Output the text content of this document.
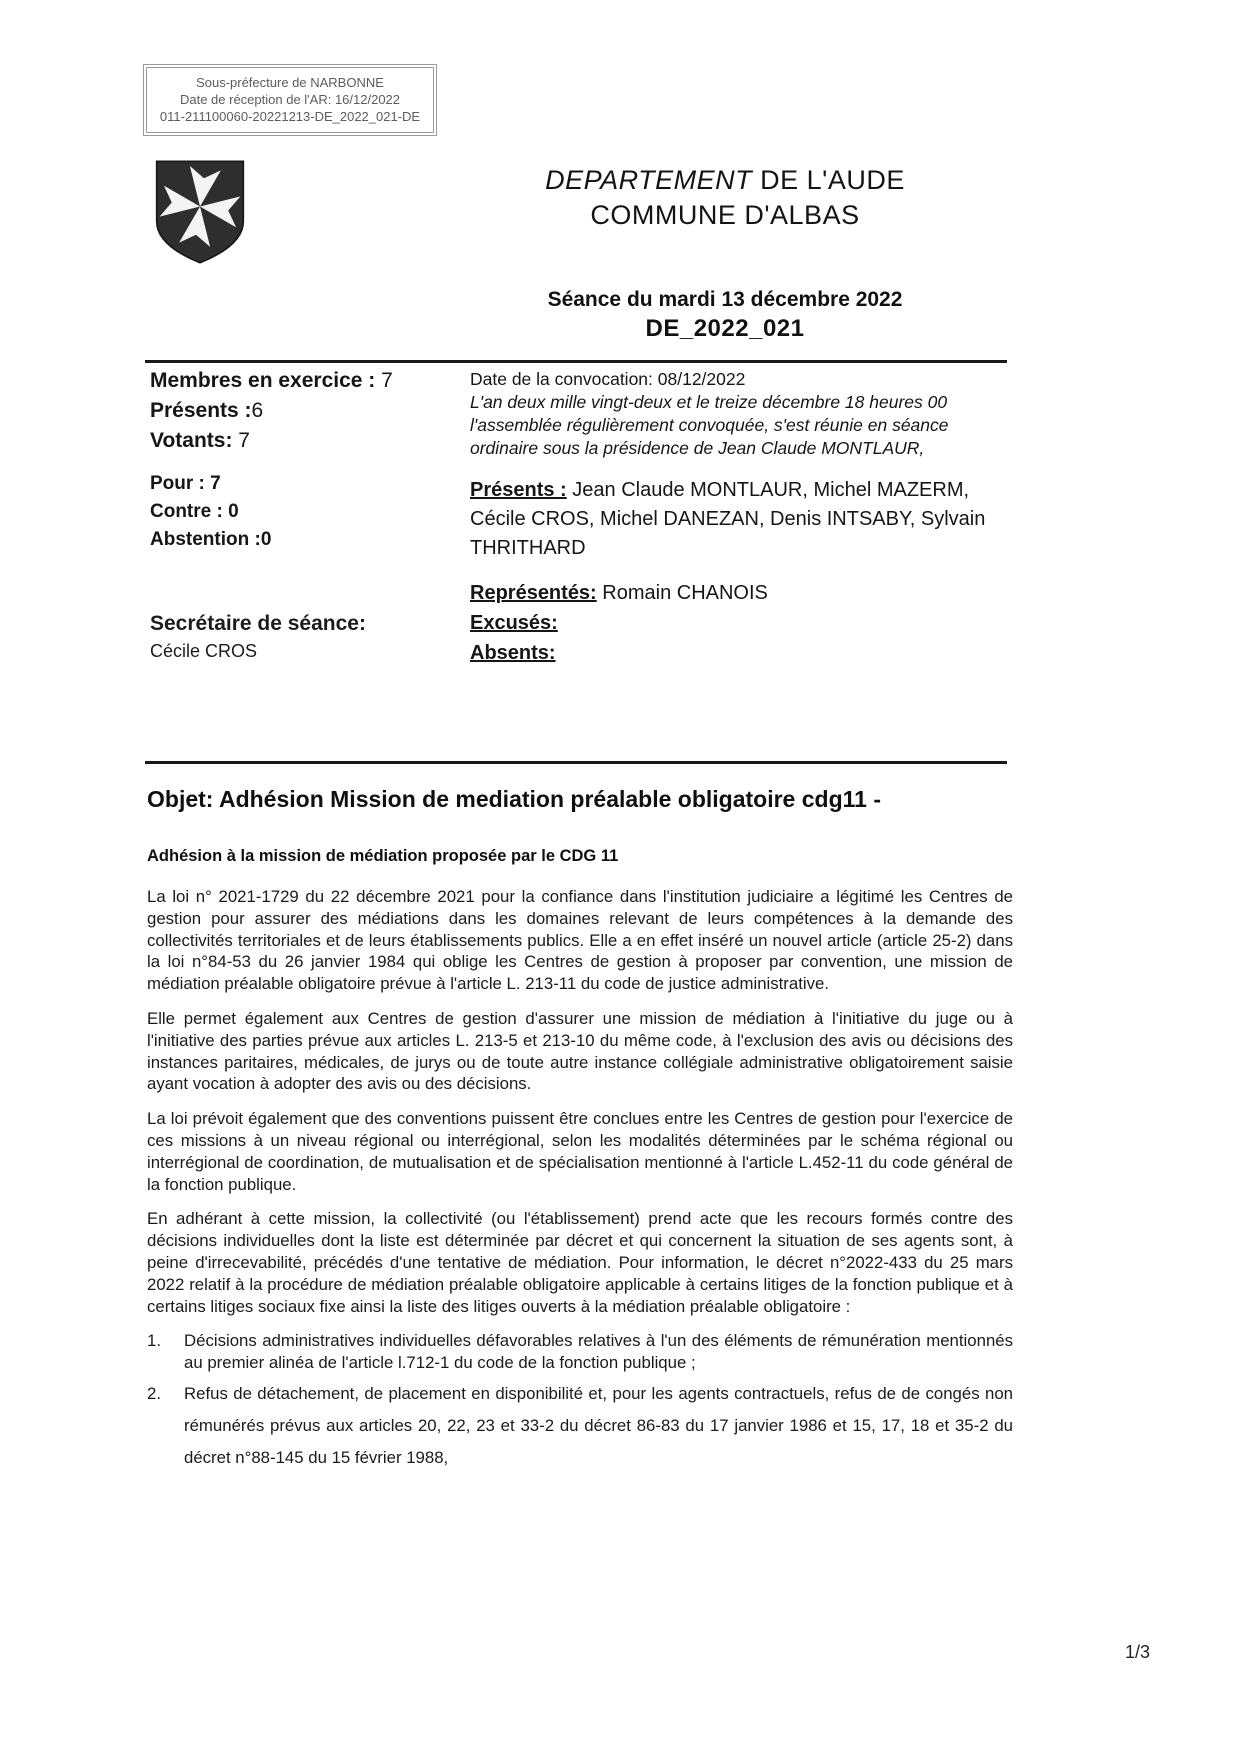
Sous-préfecture de NARBONNE
Date de réception de l'AR: 16/12/2022
011-211100060-20221213-DE_2022_021-DE
DEPARTEMENT DE L'AUDE
COMMUNE D'ALBAS
Séance du mardi 13 décembre 2022
DE_2022_021
Membres en exercice : 7
Présents :6
Votants: 7
Pour : 7
Contre : 0
Abstention :0
Secrétaire de séance:
Cécile CROS
Date de la convocation: 08/12/2022
L'an deux mille vingt-deux et le treize décembre 18 heures 00 l'assemblée régulièrement convoquée, s'est réunie en séance ordinaire sous la présidence de Jean Claude MONTLAUR,
Présents : Jean Claude MONTLAUR, Michel MAZERM, Cécile CROS, Michel DANEZAN, Denis INTSABY, Sylvain THRITHARD
Représentés: Romain CHANOIS
Excusés:
Absents:
Objet: Adhésion Mission de mediation préalable obligatoire cdg11 -
Adhésion à la mission de médiation proposée par le CDG 11

La loi n° 2021-1729 du 22 décembre 2021 pour la confiance dans l'institution judiciaire a légitimé les Centres de gestion pour assurer des médiations dans les domaines relevant de leurs compétences à la demande des collectivités territoriales et de leurs établissements publics. Elle a en effet inséré un nouvel article (article 25-2) dans la loi n°84-53 du 26 janvier 1984 qui oblige les Centres de gestion à proposer par convention, une mission de médiation préalable obligatoire prévue à l'article L. 213-11 du code de justice administrative.

Elle permet également aux Centres de gestion d'assurer une mission de médiation à l'initiative du juge ou à l'initiative des parties prévue aux articles L. 213-5 et 213-10 du même code, à l'exclusion des avis ou décisions des instances paritaires, médicales, de jurys ou de toute autre instance collégiale administrative obligatoirement saisie ayant vocation à adopter des avis ou des décisions.

La loi prévoit également que des conventions puissent être conclues entre les Centres de gestion pour l'exercice de ces missions à un niveau régional ou interrégional, selon les modalités déterminées par le schéma régional ou interrégional de coordination, de mutualisation et de spécialisation mentionné à l'article L.452-11 du code général de la fonction publique.

En adhérant à cette mission, la collectivité (ou l'établissement) prend acte que les recours formés contre des décisions individuelles dont la liste est déterminée par décret et qui concernent la situation de ses agents sont, à peine d'irrecevabilité, précédés d'une tentative de médiation. Pour information, le décret n°2022-433 du 25 mars 2022 relatif à la procédure de médiation préalable obligatoire applicable à certains litiges de la fonction publique et à certains litiges sociaux fixe ainsi la liste des litiges ouverts à la médiation préalable obligatoire :

1.	Décisions administratives individuelles défavorables relatives à l'un des éléments de rémunération mentionnés au premier alinéa de l'article l.712-1 du code de la fonction publique ;
2.	Refus de détachement, de placement en disponibilité et, pour les agents contractuels, refus de de congés non rémunérés prévus aux articles 20, 22, 23 et 33-2 du décret 86-83 du 17 janvier 1986 et 15, 17, 18 et 35-2 du décret n°88-145 du 15 février 1988,
1/3
